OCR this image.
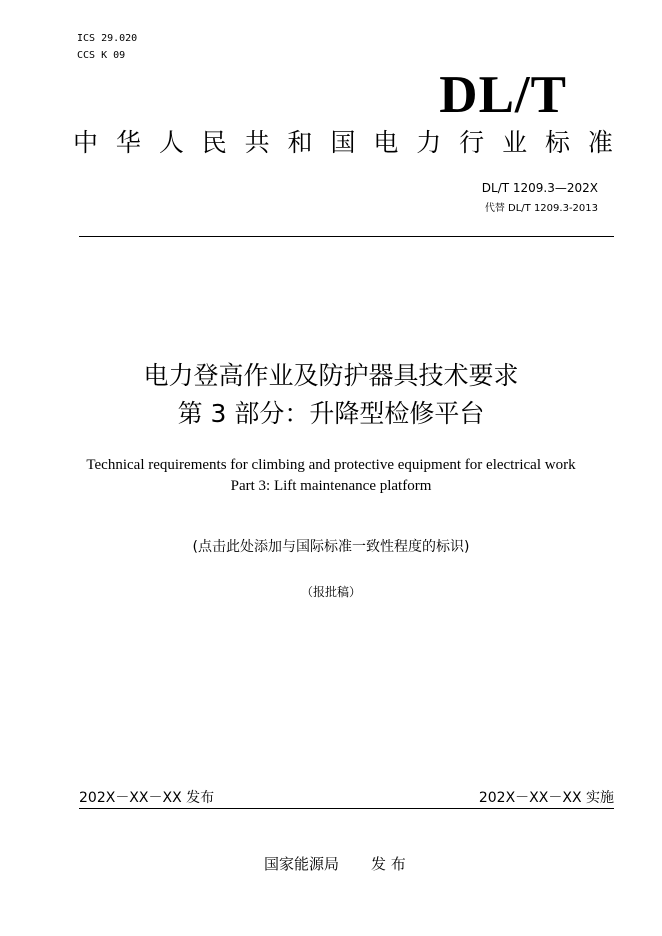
ICS 29.020
CCS K 09
DL/T
中 华 人 民 共 和 国 电 力 行 业 标 准
DL/T 1209.3—202X
代替 DL/T 1209.3-2013
电力登高作业及防护器具技术要求
第 3 部分：升降型检修平台
Technical requirements for climbing and protective equipment for electrical work
Part 3: Lift maintenance platform
(点击此处添加与国际标准一致性程度的标识)
（报批稿）
202X－XX－XX 发布	202X－XX－XX 实施
国家能源局 发 布
